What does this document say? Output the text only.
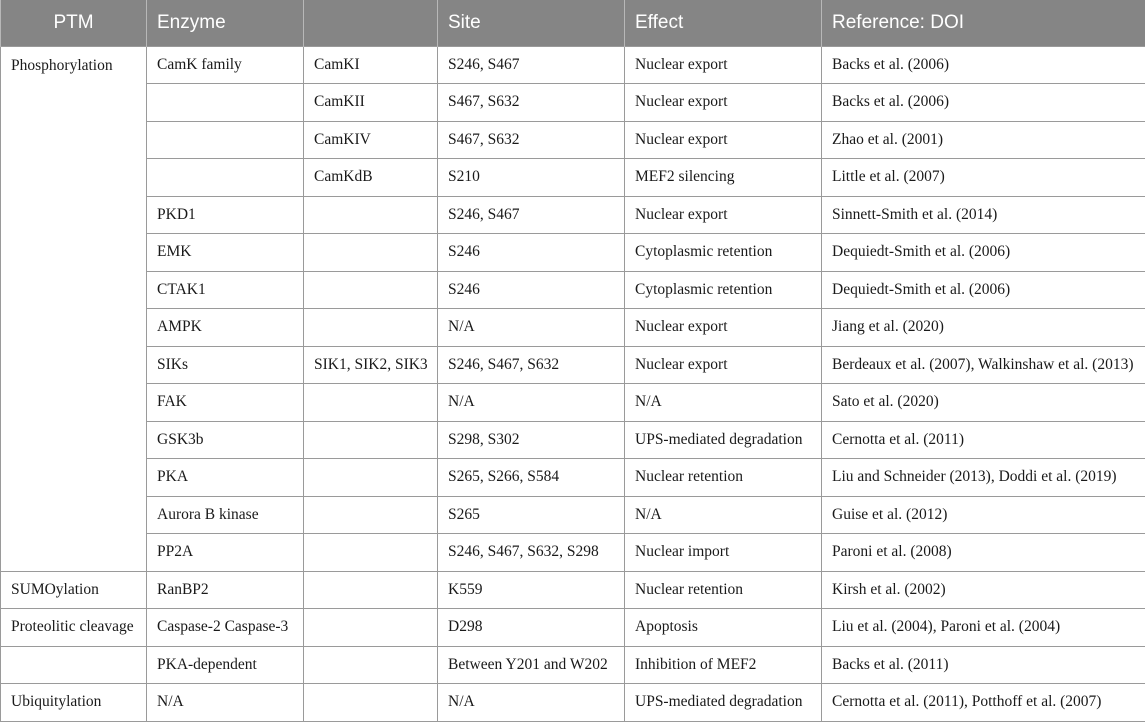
PTM	Enzyme		Site	Effect	Reference: DOI
Phosphorylation	CamK family	CamKI	S246, S467	Nuclear export	Backs et al. (2006)
		CamKII	S467, S632	Nuclear export	Backs et al. (2006)
		CamKIV	S467, S632	Nuclear export	Zhao et al. (2001)
		CamKdB	S210	MEF2 silencing	Little et al. (2007)
	PKD1		S246, S467	Nuclear export	Sinnett-Smith et al. (2014)
	EMK		S246	Cytoplasmic retention	Dequiedt-Smith et al. (2006)
	CTAK1		S246	Cytoplasmic retention	Dequiedt-Smith et al. (2006)
	AMPK		N/A	Nuclear export	Jiang et al. (2020)
	SIKs	SIK1, SIK2, SIK3	S246, S467, S632	Nuclear export	Berdeaux et al. (2007), Walkinshaw et al. (2013)
	FAK		N/A	N/A	Sato et al. (2020)
	GSK3b		S298, S302	UPS-mediated degradation	Cernotta et al. (2011)
	PKA		S265, S266, S584	Nuclear retention	Liu and Schneider (2013), Doddi et al. (2019)
	Aurora B kinase		S265	N/A	Guise et al. (2012)
	PP2A		S246, S467, S632, S298	Nuclear import	Paroni et al. (2008)
SUMOylation	RanBP2		K559	Nuclear retention	Kirsh et al. (2002)
Proteolitic cleavage	Caspase-2 Caspase-3		D298	Apoptosis	Liu et al. (2004), Paroni et al. (2004)
	PKA-dependent		Between Y201 and W202	Inhibition of MEF2	Backs et al. (2011)
Ubiquitylation	N/A		N/A	UPS-mediated degradation	Cernotta et al. (2011), Potthoff et al. (2007)
